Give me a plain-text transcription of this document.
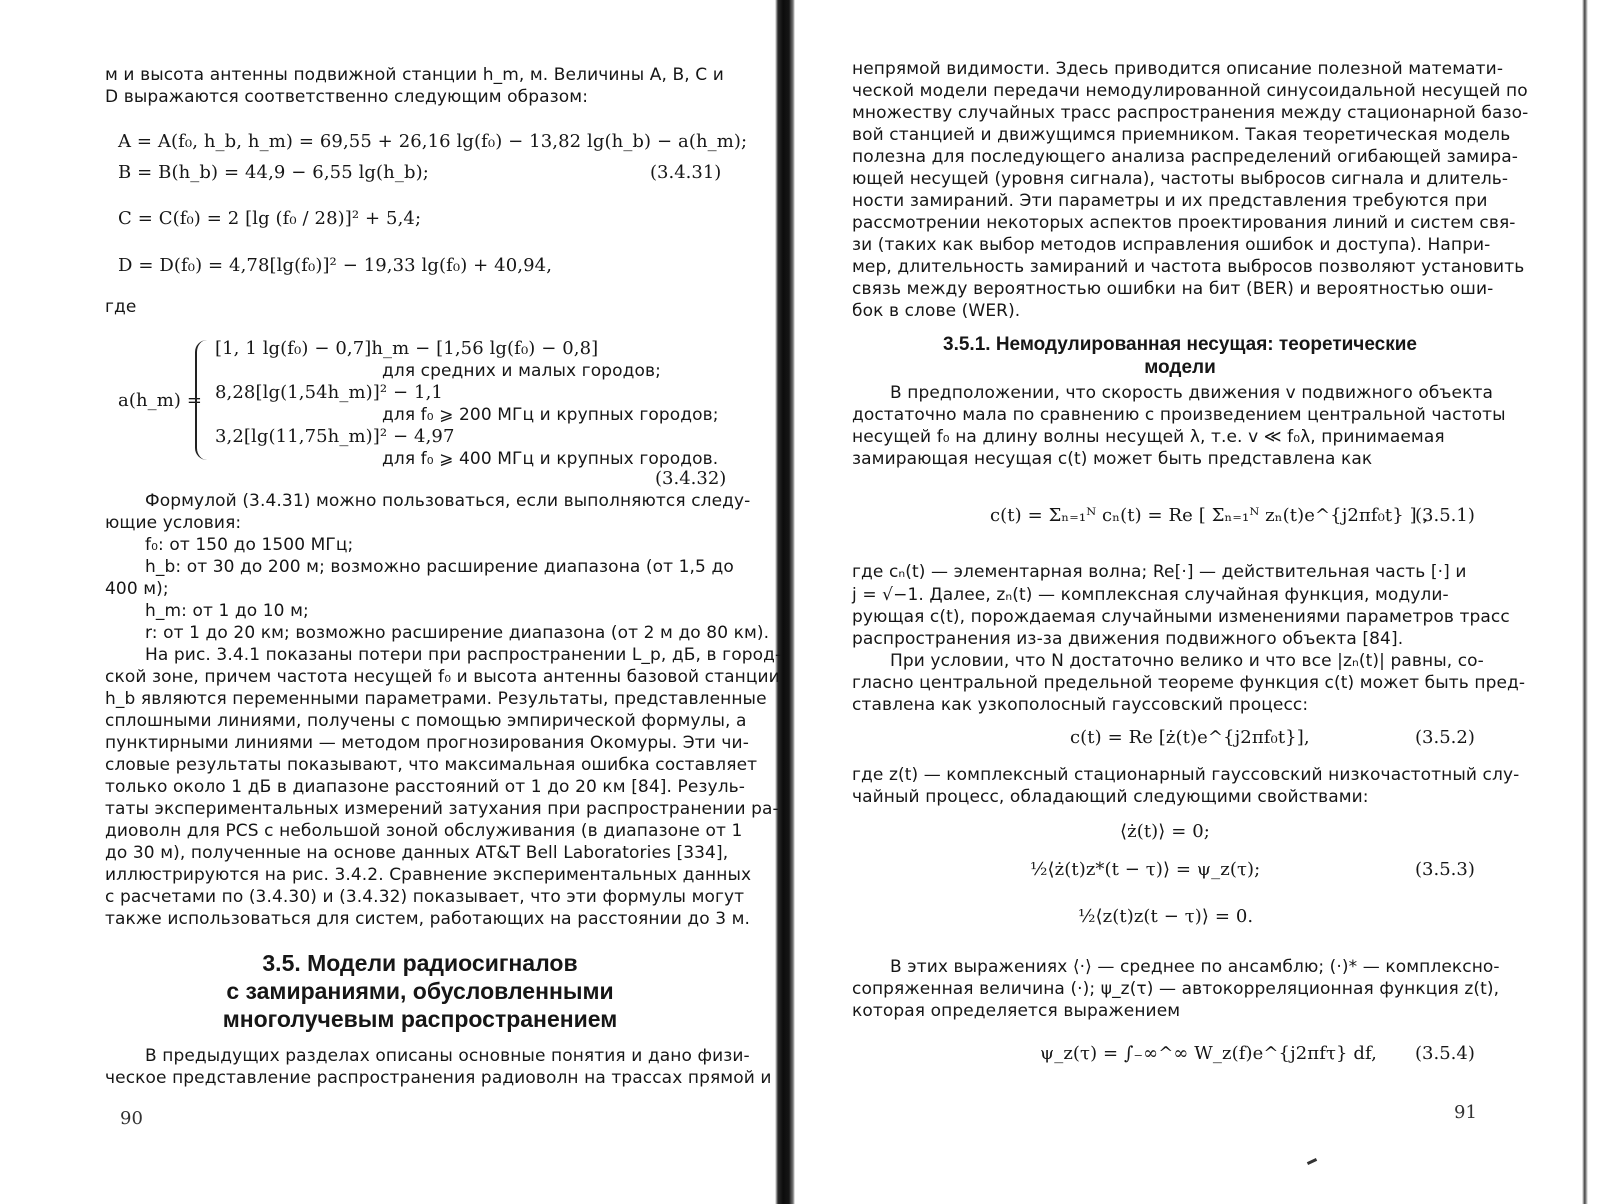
м и высота антенны подвижной станции h_m, м. Величины A, B, C и
D выражаются соответственно следующим образом:
A = A(f₀, h_b, h_m) = 69,55 + 26,16 lg(f₀) − 13,82 lg(h_b) − a(h_m);
B = B(h_b) = 44,9 − 6,55 lg(h_b);	(3.4.31)
C = C(f₀) = 2 [lg (f₀ / 28)]² + 5,4;
D = D(f₀) = 4,78[lg(f₀)]² − 19,33 lg(f₀) + 40,94,
где
a(h_m) =
[1, 1 lg(f₀) − 0,7]h_m − [1,56 lg(f₀) − 0,8]
для средних и малых городов;
8,28[lg(1,54h_m)]² − 1,1
для f₀ ⩾ 200 МГц и крупных городов;
3,2[lg(11,75h_m)]² − 4,97
для f₀ ⩾ 400 МГц и крупных городов.
(3.4.32)
Формулой (3.4.31) можно пользоваться, если выполняются следу-
ющие условия:
f₀: от 150 до 1500 МГц;
h_b: от 30 до 200 м; возможно расширение диапазона (от 1,5 до
400 м);
h_m: от 1 до 10 м;
r: от 1 до 20 км; возможно расширение диапазона (от 2 м до 80 км).
На рис. 3.4.1 показаны потери при распространении L_p, дБ, в город-
ской зоне, причем частота несущей f₀ и высота антенны базовой станции
h_b являются переменными параметрами. Результаты, представленные
сплошными линиями, получены с помощью эмпирической формулы, а
пунктирными линиями — методом прогнозирования Окомуры. Эти чи-
словые результаты показывают, что максимальная ошибка составляет
только около 1 дБ в диапазоне расстояний от 1 до 20 км [84]. Резуль-
таты экспериментальных измерений затухания при распространении ра-
диоволн для PCS с небольшой зоной обслуживания (в диапазоне от 1
до 30 м), полученные на основе данных AT&T Bell Laboratories [334],
иллюстрируются на рис. 3.4.2. Сравнение экспериментальных данных
с расчетами по (3.4.30) и (3.4.32) показывает, что эти формулы могут
также использоваться для систем, работающих на расстоянии до 3 м.
3.5. Модели радиосигналов
с замираниями, обусловленными
многолучевым распространением
В предыдущих разделах описаны основные понятия и дано физи-
ческое представление распространения радиоволн на трассах прямой и
90
непрямой видимости. Здесь приводится описание полезной математи-
ческой модели передачи немодулированной синусоидальной несущей по
множеству случайных трасс распространения между стационарной базо-
вой станцией и движущимся приемником. Такая теоретическая модель
полезна для последующего анализа распределений огибающей замира-
ющей несущей (уровня сигнала), частоты выбросов сигнала и длитель-
ности замираний. Эти параметры и их представления требуются при
рассмотрении некоторых аспектов проектирования линий и систем свя-
зи (таких как выбор методов исправления ошибок и доступа). Напри-
мер, длительность замираний и частота выбросов позволяют установить
связь между вероятностью ошибки на бит (BER) и вероятностью оши-
бок в слове (WER).
3.5.1. Немодулированная несущая: теоретические
модели
В предположении, что скорость движения v подвижного объекта
достаточно мала по сравнению с произведением центральной частоты
несущей f₀ на длину волны несущей λ, т.е. v ≪ f₀λ, принимаемая
замирающая несущая c(t) может быть представлена как
c(t) = Σₙ₌₁ᴺ cₙ(t) = Re [ Σₙ₌₁ᴺ zₙ(t)e^{j2πf₀t} ] ,
(3.5.1)
где cₙ(t) — элементарная волна; Re[·] — действительная часть [·] и
j = √−1. Далее, zₙ(t) — комплексная случайная функция, модули-
рующая c(t), порождаемая случайными изменениями параметров трасс
распространения из-за движения подвижного объекта [84].
При условии, что N достаточно велико и что все |zₙ(t)| равны, со-
гласно центральной предельной теореме функция c(t) может быть пред-
ставлена как узкополосный гауссовский процесс:
c(t) = Re [ż(t)e^{j2πf₀t}],	(3.5.2)
где z(t) — комплексный стационарный гауссовский низкочастотный слу-
чайный процесс, обладающий следующими свойствами:
⟨ż(t)⟩ = 0;
½⟨ż(t)z*(t − τ)⟩ = ψ_z(τ);	(3.5.3)
½⟨z(t)z(t − τ)⟩ = 0.
В этих выражениях ⟨·⟩ — среднее по ансамблю; (·)* — комплексно-
сопряженная величина (·); ψ_z(τ) — автокорреляционная функция z(t),
которая определяется выражением
ψ_z(τ) = ∫₋∞^∞ W_z(f)e^{j2πfτ} df, (3.5.4)
91
